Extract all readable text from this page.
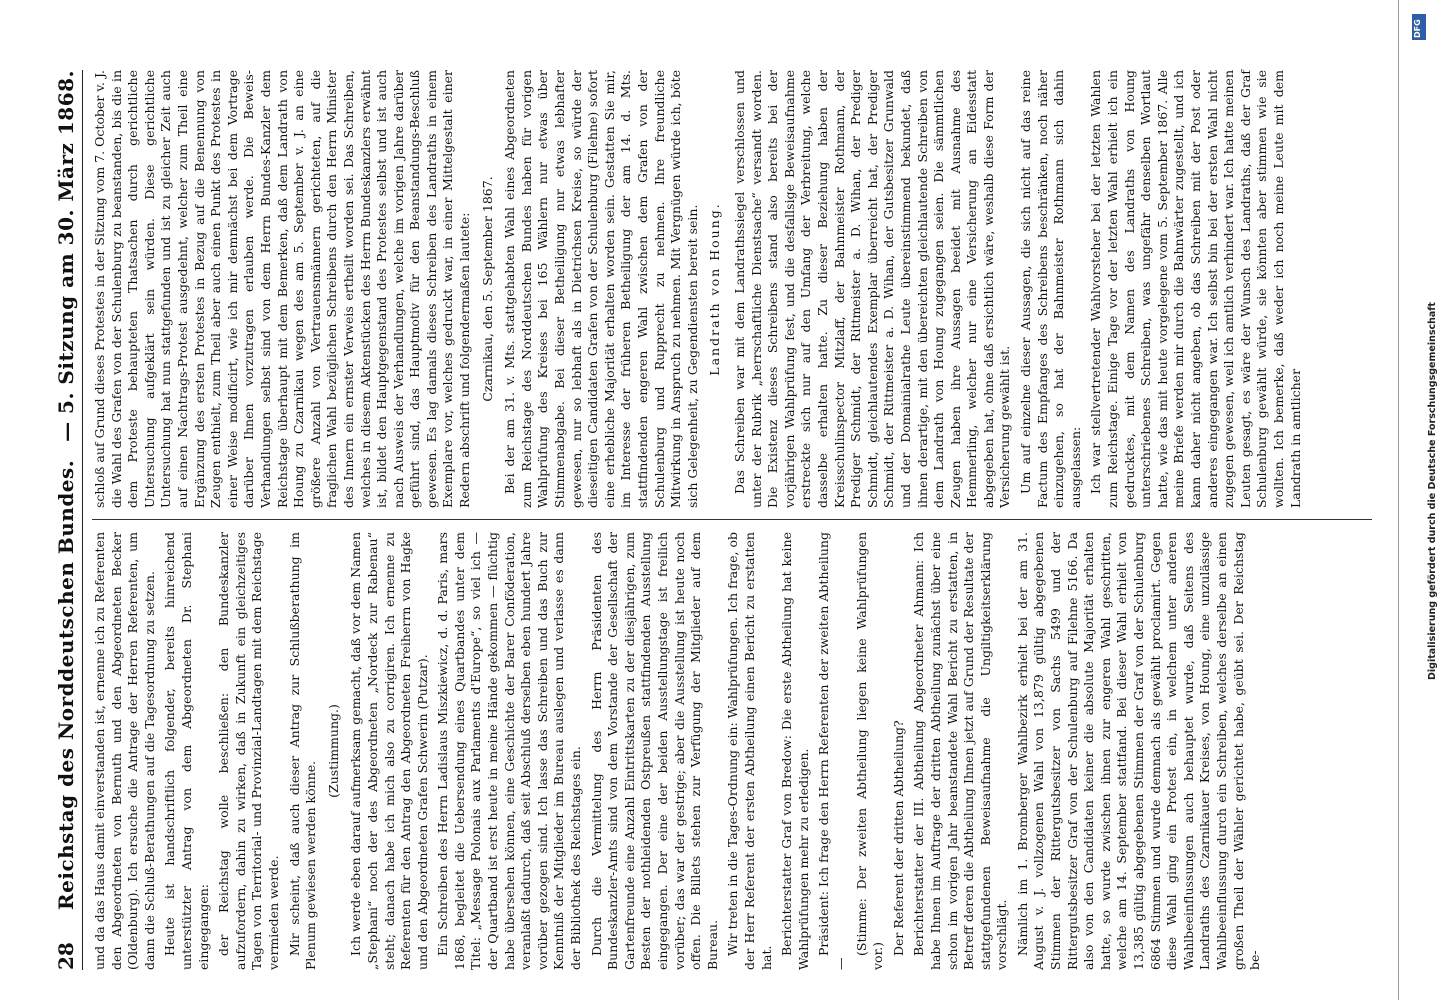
28
Reichstag des Norddeutschen Bundes.
— 5. Sitzung am 30. März 1868.

und da das Haus damit einverstanden ist, ernenne ich zu Referenten den Abgeordneten von Bernuth und den Abgeordneten Becker (Oldenburg). Ich ersuche die Antrage der Herren Referenten, um dann die Schluß-Berathungen auf die Tagesordnung zu setzen. Heute ist handschriftlich folgender, bereits hinreichend unterstützter Antrag von dem Abgeordneten Dr. Stephani eingegangen: der Reichstag wolle beschließen: den Bundeskanzler aufzufordern, dahin zu wirken, daß in Zukunft ein gleichzeitiges Tagen von Territorial- und Provinzial-Landtagen mit dem Reichstage vermieden werde. Mir scheint, daß auch dieser Antrag zur Schlußberathung im Plenum gewiesen werden könne.

(Zustimmung.) Ich werde eben darauf aufmerksam gemacht, daß vor dem Namen „Stephani“ noch der des Abgeordneten „Nordeck zur Rabenau“ steht; danach habe ich mich also zu corrigiren. Ich ernenne zu Referenten für den Antrag den Abgeordneten Freiherrn von Hagke und den Abgeordneten Grafen Schwerin (Putzar). Ein Schreiben des Herrn Ladislaus Miszkiewicz, d. d. Paris, mars 1868, begleitet die Uebersendung eines Quartbandes unter dem Titel: „Message Polonais aux Parlaments d'Europe“, so viel ich — der Quartband ist erst heute in meine Hände gekommen — flüchtig habe übersehen können, eine Geschichte der Barer Conföderation, veranlaßt dadurch, daß seit Abschluß derselben eben hundert Jahre vorüber gezogen sind. Ich lasse das Schreiben und das Buch zur Kenntniß der Mitglieder im Bureau auslegen und verlasse es dann der Bibliothek des Reichstages ein. Durch die Vermittelung des Herrn Präsidenten des Bundeskanzler-Amts sind von dem Vorstande der Gesellschaft der Gartenfreunde eine Anzahl Eintrittskarten zu der diesjährigen, zum Besten der nothleidenden Ostpreußen stattfindenden Ausstellung eingegangen. Der eine der beiden Ausstellungstage ist freilich vorüber; das war der gestrige; aber die Ausstellung ist heute noch offen. Die Billets stehen zur Verfügung der Mitglieder auf dem Bureau. Wir treten in die Tages-Ordnung ein: Wahlprüfungen. Ich frage, ob der Herr Referent der ersten Abtheilung einen Bericht zu erstatten hat.

Berichterstatter Graf von Bredow: Die erste Abtheilung hat keine Wahlprüfungen mehr zu erledigen. Präsident: Ich frage den Herrn Referenten der zweiten Abtheilung —

(Stimme: Der zweiten Abtheilung liegen keine Wahlprüfungen vor.) Der Referent der dritten Abtheilung? Berichterstatter der III. Abtheilung Abgeordneter Ahmann: Ich habe Ihnen im Auftrage der dritten Abtheilung zunächst über eine schon im vorigen Jahr beanstandete Wahl Bericht zu erstatten, in Betreff deren die Abtheilung Ihnen jetzt auf Grund der Resultate der stattgefundenen Beweisaufnahme die Ungiltigkeitserklärung vorschlägt. Nämlich im 1. Bromberger Wahlbezirk erhielt bei der am 31. August v. J. vollzogenen Wahl von 13,879 gültig abgegebenen Stimmen der Rittergutsbesitzer von Sachs 5499 und der Rittergutsbesitzer Graf von der Schulenburg auf Filehne 5166. Da also von den Candidaten keiner die absolute Majorität erhalten hatte, so wurde zwischen ihnen zur engeren Wahl geschritten, welche am 14. September stattfand. Bei dieser Wahl erhielt von 13,385 gültig abgegebenen Stimmen der Graf von der Schulenburg 6864 Stimmen und wurde demnach als gewählt proclamirt. Gegen diese Wahl ging ein Protest ein, in welchem unter anderen Wahlbeeinflussungen auch behauptet wurde, daß Seitens des Landraths des Czarnikauer Kreises, von Houng, eine unzulässige Wahlbeeinflussung durch ein Schreiben, welches derselbe an einen großen Theil der Wähler gerichtet habe, geübt sei. Der Reichstag be-

schloß auf Grund dieses Protestes in der Sitzung vom 7. October v. J. die Wahl des Grafen von der Schulenburg zu beanstanden, bis die in dem Proteste behaupteten Thatsachen durch gerichtliche Untersuchung aufgeklärt sein würden. Diese gerichtliche Untersuchung hat nun stattgefunden und ist zu gleicher Zeit auch auf einen Nachtrags-Protest ausgedehnt, welcher zum Theil eine Ergänzung des ersten Protestes in Bezug auf die Benennung von Zeugen enthielt, zum Theil aber auch einen Punkt des Protestes in einer Weise modificirt, wie ich mir demnächst bei dem Vortrage darüber Ihnen vorzutragen erlauben werde. Die Beweis-Verhandlungen selbst sind von dem Herrn Bundes-Kanzler dem Reichstage überhaupt mit dem Bemerken, daß dem Landrath von Houng zu Czarnikau wegen des am 5. September v. J. an eine größere Anzahl von Vertrauensmännern gerichteten, auf die fraglichen Wahl bezüglichen Schreibens durch den Herrn Minister des Innern ein ernster Verweis ertheilt worden sei. Das Schreiben, welches in diesem Aktenstücken des Herrn Bundeskanzlers erwähnt ist, bildet den Hauptgegenstand des Protestes selbst und ist auch nach Ausweis der Verhandlungen, welche im vorigen Jahre darüber geführt sind, das Hauptmotiv für den Beanstandungs-Beschluß gewesen. Es lag damals dieses Schreiben des Landraths in einem Exemplare vor, welches gedruckt war, in einer Mittelgestalt einer Redern abschrift und folgendermaßen lautete: Czarnikau, den 5. September 1867. Bei der am 31. v. Mts. stattgehabten Wahl eines Abgeordneten zum Reichstage des Norddeutschen Bundes haben für vorigen Wahlprüfung des Kreises bei 165 Wählern nur etwas über Stimmenabgabe. Bei dieser Betheiligung nur etwas lebhafter gewesen, nur so lebhaft als in Dietrichsen Kreise, so würde der dieseitigen Candidaten Grafen von der Schulenburg (Filehne) sofort eine erhebliche Majorität erhalten worden sein. Gestatten Sie mir, im Interesse der früheren Betheiligung der am 14. d. Mts. stattfindenden engeren Wahl zwischen dem Grafen von der Schulenburg und Rupprecht zu nehmen. Ihre freundliche Mitwirkung in Anspruch zu nehmen. Mit Vergnügen würde ich, böte sich Gelegenheit, zu Gegendiensten bereit sein. Landrath von Houng. Das Schreiben war mit dem Landrathssiegel verschlossen und unter der Rubrik „herrschaftliche Dienstsache“ versandt worden. Die Existenz dieses Schreibens stand also bereits bei der vorjährigen Wahlprüfung fest, und die desfallsige Beweisaufnahme erstreckte sich nur auf den Umfang der Verbreitung, welche dasselbe erhalten hatte. Zu dieser Beziehung haben der Kreisschulinspector Mitzlaff, der Bahnmeister Rothmann, der Prediger Schmidt, der Rittmeister a. D. Wihan, der Prediger Schmidt, gleichlautendes Exemplar überreicht hat, der Prediger Schmidt, der Rittmeister a. D. Wihan, der Gutsbesitzer Grunwald und der Domainialrathe Leute übereinstimmend bekundet, daß ihnen derartige, mit den übereichten gleichlautende Schreiben von dem Landrath von Houng zugegangen seien. Die sämmtlichen Zeugen haben ihre Aussagen beeidet mit Ausnahme des Hemmerling, welcher nur eine Versicherung an Eidesstatt abgegeben hat, ohne daß ersichtlich wäre, weshalb diese Form der Versicherung gewählt ist. Um auf einzelne dieser Aussagen, die sich nicht auf das reine Factum des Empfanges des Schreibens beschränken, noch näher einzugehen, so hat der Bahnmeister Rothmann sich dahin ausgelassen: Ich war stellvertretender Wahlvorsteher bei der letzten Wahlen zum Reichstage. Einige Tage vor der letzten Wahl erhielt ich ein gedrucktes, mit dem Namen des Landraths von Houng unterschriebenes Schreiben, was ungefähr denselben Wortlaut hatte, wie das mit heute vorgelegene vom 5. September 1867. Alle meine Briefe werden mir durch die Bahnwärter zugestellt, und ich kann daher nicht angeben, ob das Schreiben mit der Post oder anderes eingegangen war. Ich selbst bin bei der ersten Wahl nicht zugegen gewesen, weil ich amtlich verhindert war. Ich hatte meinen Leuten gesagt, es wäre der Wunsch des Landraths, daß der Graf Schulenburg gewählt würde, sie könnten aber stimmen wie sie wollten. Ich bemerke, daß weder ich noch meine Leute mit dem Landrath in amtlicher	Digitalisierung gefördert durch die Deutsche Forschungsgemeinschaft
DFG
